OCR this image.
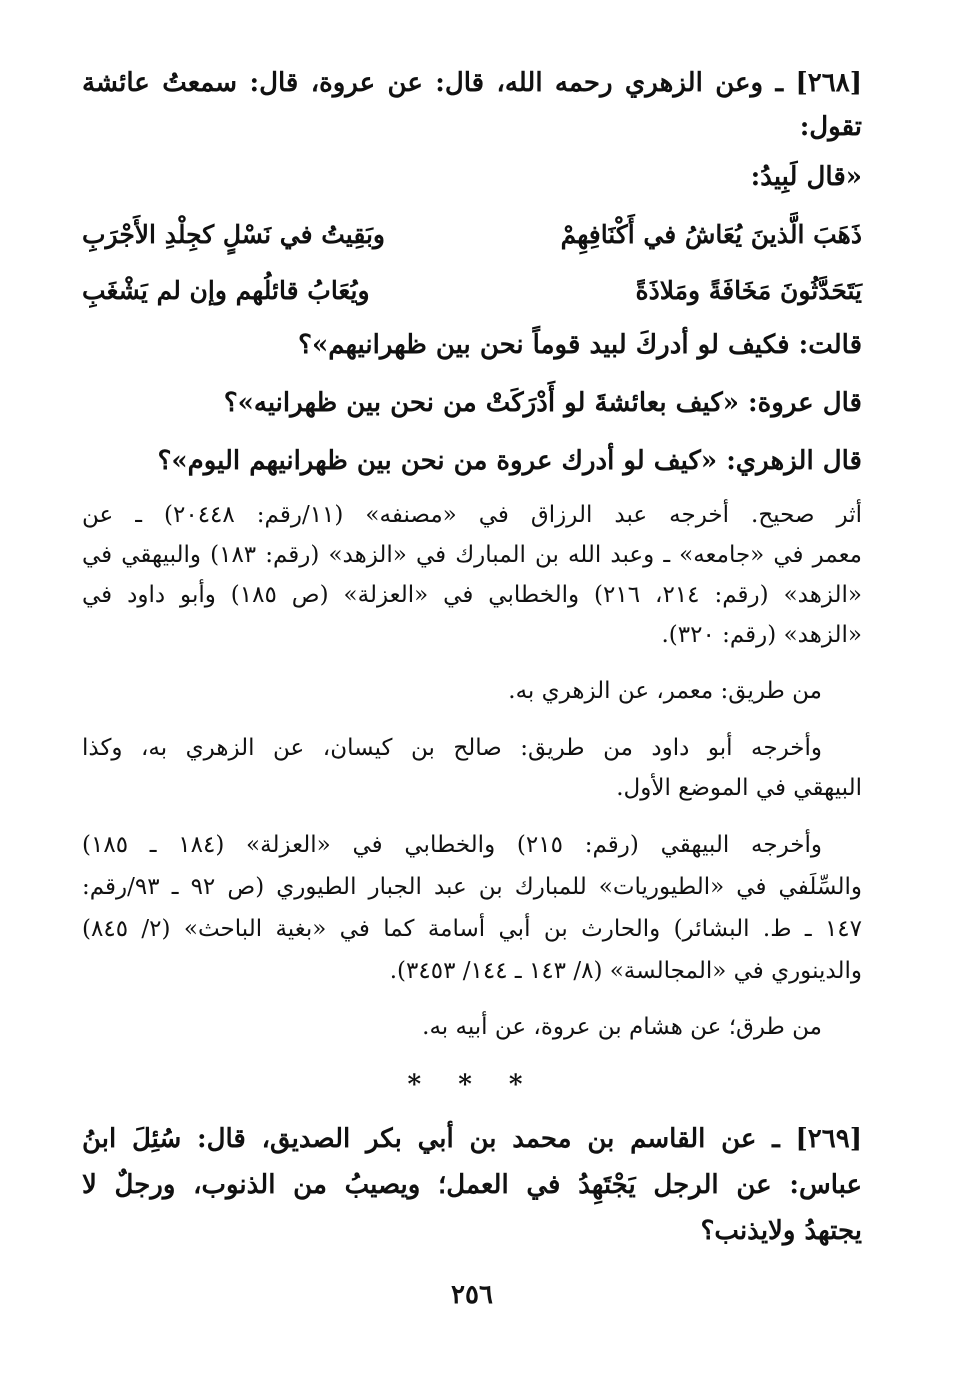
[٢٦٨] ـ وعن الزهري رحمه الله، قال: عن عروة، قال: سمعتُ عائشة
تقول:
«قال لَبِيدُ:
ذَهَبَ الَّذينَ يُعَاشُ في أَكْنَافِهِمْ
وبَقِيتُ في نَسْلٍ كجِلْدِ الأَجْرَبِ
يَتَحَدَّثُونَ مَخَافَةً ومَلاذَةً
ويُعَابُ قائلُهم وإن لم يَشْغَبِ
قالت: فكيف لو أدركَ لبيد قوماً نحن بين ظهرانيهم»؟
قال عروة: «كيف بعائشةَ لو أَدْرَكَتْ من نحن بين ظهرانيه»؟
قال الزهري: «كيف لو أدرك عروة من نحن بين ظهرانيهم اليوم»؟
أثر صحيح. أخرجه عبد الرزاق في «مصنفه» (١١/رقم: ٢٠٤٤٨) ـ عن
معمر في «جامعه» ـ وعبد الله بن المبارك في «الزهد» (رقم: ١٨٣) والبيهقي في
«الزهد» (رقم: ٢١٤، ٢١٦) والخطابي في «العزلة» (ص ١٨٥) وأبو داود في
«الزهد» (رقم: ٣٢٠).
من طريق: معمر، عن الزهري به.
وأخرجه أبو داود من طريق: صالح بن كيسان، عن الزهري به، وكذا
البيهقي في الموضع الأول.
وأخرجه البيهقي (رقم: ٢١٥) والخطابي في «العزلة» (١٨٤ ـ ١٨٥)
والسِّلَفي في «الطيوريات» للمبارك بن عبد الجبار الطيوري (ص ٩٢ ـ ٩٣/رقم:
١٤٧ ـ ط. البشائر) والحارث بن أبي أسامة كما في «بغية الباحث» (٢/ ٨٤٥)
والدينوري في «المجالسة» (٨/ ١٤٣ ـ ١٤٤/ ٣٤٥٣).
من طرق؛ عن هشام بن عروة، عن أبيه به.
* * *
[٢٦٩] ـ عن القاسم بن محمد بن أبي بكر الصديق، قال: سُئِلَ ابنُ
عباس: عن الرجل يَجْتَهِدُ في العمل؛ ويصيبُ من الذنوب، ورجلٌ لا
يجتهدُ ولايذنب؟
٢٥٦
